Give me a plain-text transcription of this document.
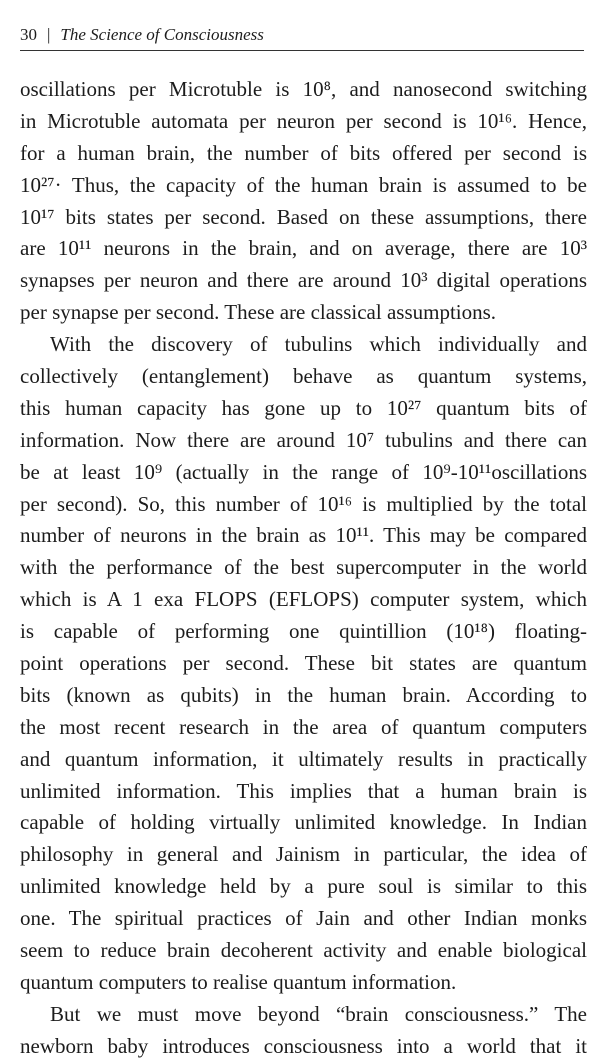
30 | The Science of Consciousness
oscillations per Microtuble is 10⁸, and nanosecond switching
in Microtuble automata per neuron per second is 10¹⁶. Hence,
for a human brain, the number of bits offered per second is
10²⁷· Thus, the capacity of the human brain is assumed to be
10¹⁷ bits states per second. Based on these assumptions, there
are 10¹¹ neurons in the brain, and on average, there are 10³
synapses per neuron and there are around 10³ digital operations
per synapse per second. These are classical assumptions.
With the discovery of tubulins which individually and
collectively (entanglement) behave as quantum systems,
this human capacity has gone up to 10²⁷ quantum bits of
information. Now there are around 10⁷ tubulins and there can
be at least 10⁹ (actually in the range of 10⁹-10¹¹oscillations
per second). So, this number of 10¹⁶ is multiplied by the total
number of neurons in the brain as 10¹¹. This may be compared
with the performance of the best supercomputer in the world
which is A 1 exa FLOPS (EFLOPS) computer system, which
is capable of performing one quintillion (10¹⁸) floating-
point operations per second. These bit states are quantum
bits (known as qubits) in the human brain. According to
the most recent research in the area of quantum computers
and quantum information, it ultimately results in practically
unlimited information. This implies that a human brain is
capable of holding virtually unlimited knowledge. In Indian
philosophy in general and Jainism in particular, the idea of
unlimited knowledge held by a pure soul is similar to this
one. The spiritual practices of Jain and other Indian monks
seem to reduce brain decoherent activity and enable biological
quantum computers to realise quantum information.
But we must move beyond “brain consciousness.” The
newborn baby introduces consciousness into a world that it
